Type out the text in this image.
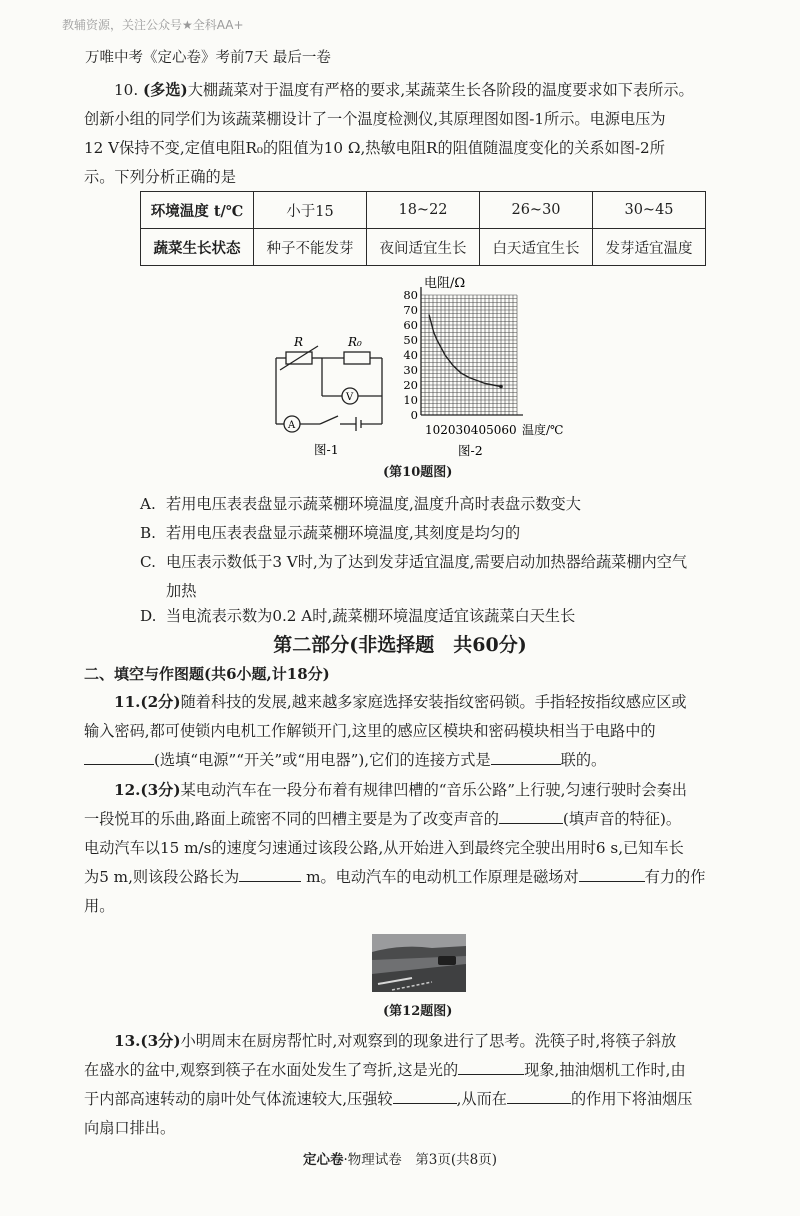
教辅资源，关注公众号★全科AA+
万唯中考《定心卷》考前7天 最后一卷
10. (多选)大棚蔬菜对于温度有严格的要求,某蔬菜生长各阶段的温度要求如下表所示。
创新小组的同学们为该蔬菜棚设计了一个温度检测仪,其原理图如图-1所示。电源电压为
12 V保持不变,定值电阻R₀的阻值为10 Ω,热敏电阻R的阻值随温度变化的关系如图-2所
示。下列分析正确的是
环境温度 t/℃	小于15	18~22	26~30	30~45
蔬菜生长状态	种子不能发芽	夜间适宜生长	白天适宜生长	发芽适宜温度
R	R₀
V
A
图-1
80
70
60
50
40
30
20
10
0
电阻/Ω
102030405060 温度/℃
图-2
(第10题图)
A. 若用电压表表盘显示蔬菜棚环境温度,温度升高时表盘示数变大
B. 若用电压表表盘显示蔬菜棚环境温度,其刻度是均匀的
C. 电压表示数低于3 V时,为了达到发芽适宜温度,需要启动加热器给蔬菜棚内空气
加热
D. 当电流表示数为0.2 A时,蔬菜棚环境温度适宜该蔬菜白天生长
第二部分(非选择题　共60分)
二、填空与作图题(共6小题,计18分)
11.(2分)随着科技的发展,越来越多家庭选择安装指纹密码锁。手指轻按指纹感应区或
输入密码,都可使锁内电机工作解锁开门,这里的感应区模块和密码模块相当于电路中的
(选填“电源”“开关”或“用电器”),它们的连接方式是	联的。
12.(3分)某电动汽车在一段分布着有规律凹槽的“音乐公路”上行驶,匀速行驶时会奏出
一段悦耳的乐曲,路面上疏密不同的凹槽主要是为了改变声音的	(填声音的特征)。
电动汽车以15 m/s的速度匀速通过该段公路,从开始进入到最终完全驶出用时6 s,已知车长
为5 m,则该段公路长为	m。电动汽车的电动机工作原理是磁场对	有力的作
用。
(第12题图)
13.(3分)小明周末在厨房帮忙时,对观察到的现象进行了思考。洗筷子时,将筷子斜放
在盛水的盆中,观察到筷子在水面处发生了弯折,这是光的	现象,抽油烟机工作时,由
于内部高速转动的扇叶处气体流速较大,压强较	,从而在	的作用下将油烟压
向扇口排出。
定心卷·物理试卷　第3页(共8页)
